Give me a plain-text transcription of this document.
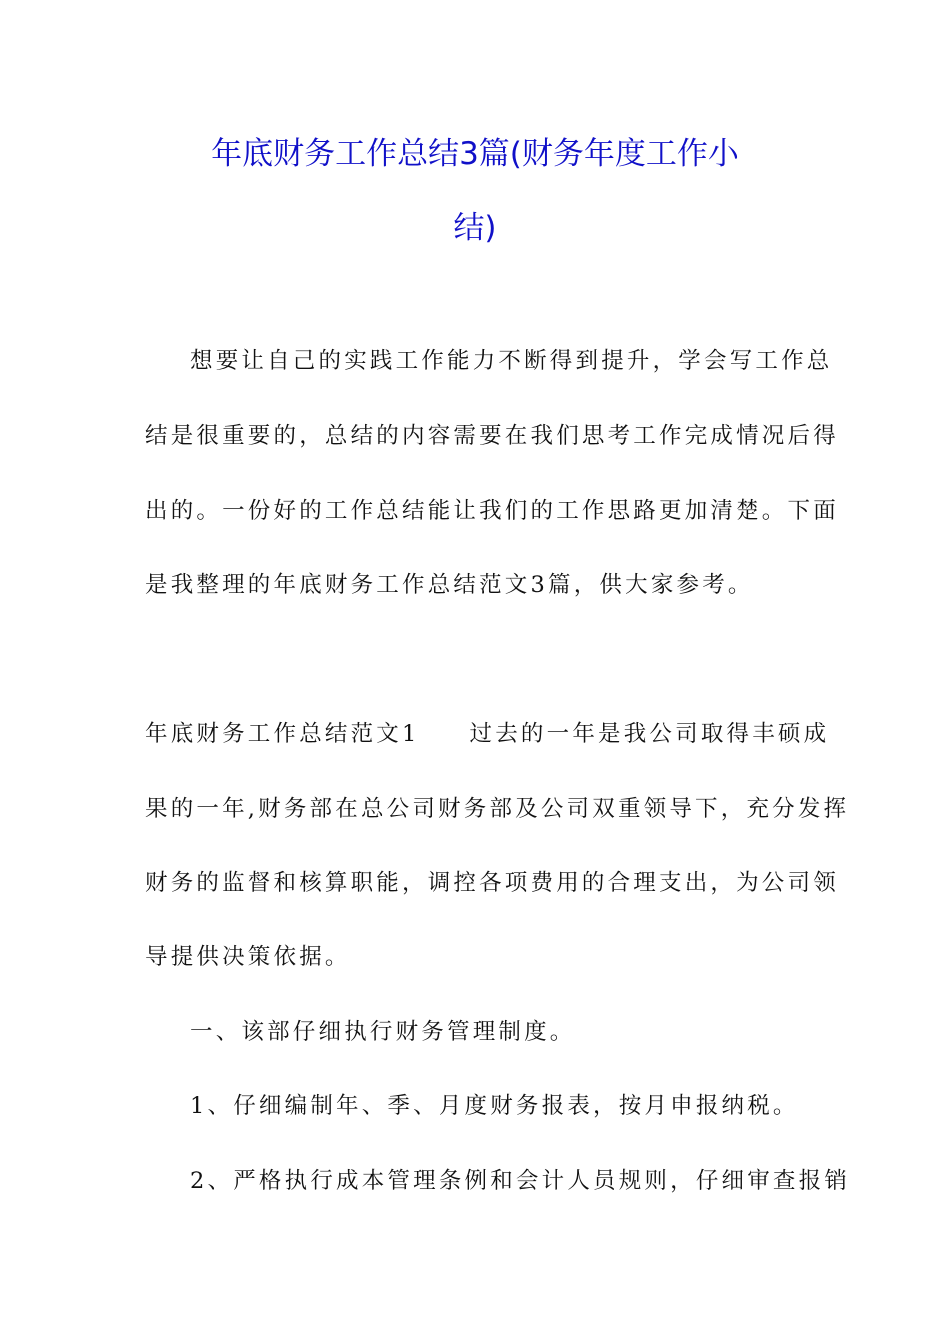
年底财务工作总结3篇(财务年度工作小
结)

想要让自己的实践工作能力不断得到提升，学会写工作总

结是很重要的，总结的内容需要在我们思考工作完成情况后得

出的。一份好的工作总结能让我们的工作思路更加清楚。下面

是我整理的年底财务工作总结范文3篇，供大家参考。

年底财务工作总结范文1 过去的一年是我公司取得丰硕成

果的一年,财务部在总公司财务部及公司双重领导下，充分发挥

财务的监督和核算职能，调控各项费用的合理支出，为公司领

导提供决策依据。

一、该部仔细执行财务管理制度。

1、仔细编制年、季、月度财务报表，按月申报纳税。

2、严格执行成本管理条例和会计人员规则，仔细审查报销
